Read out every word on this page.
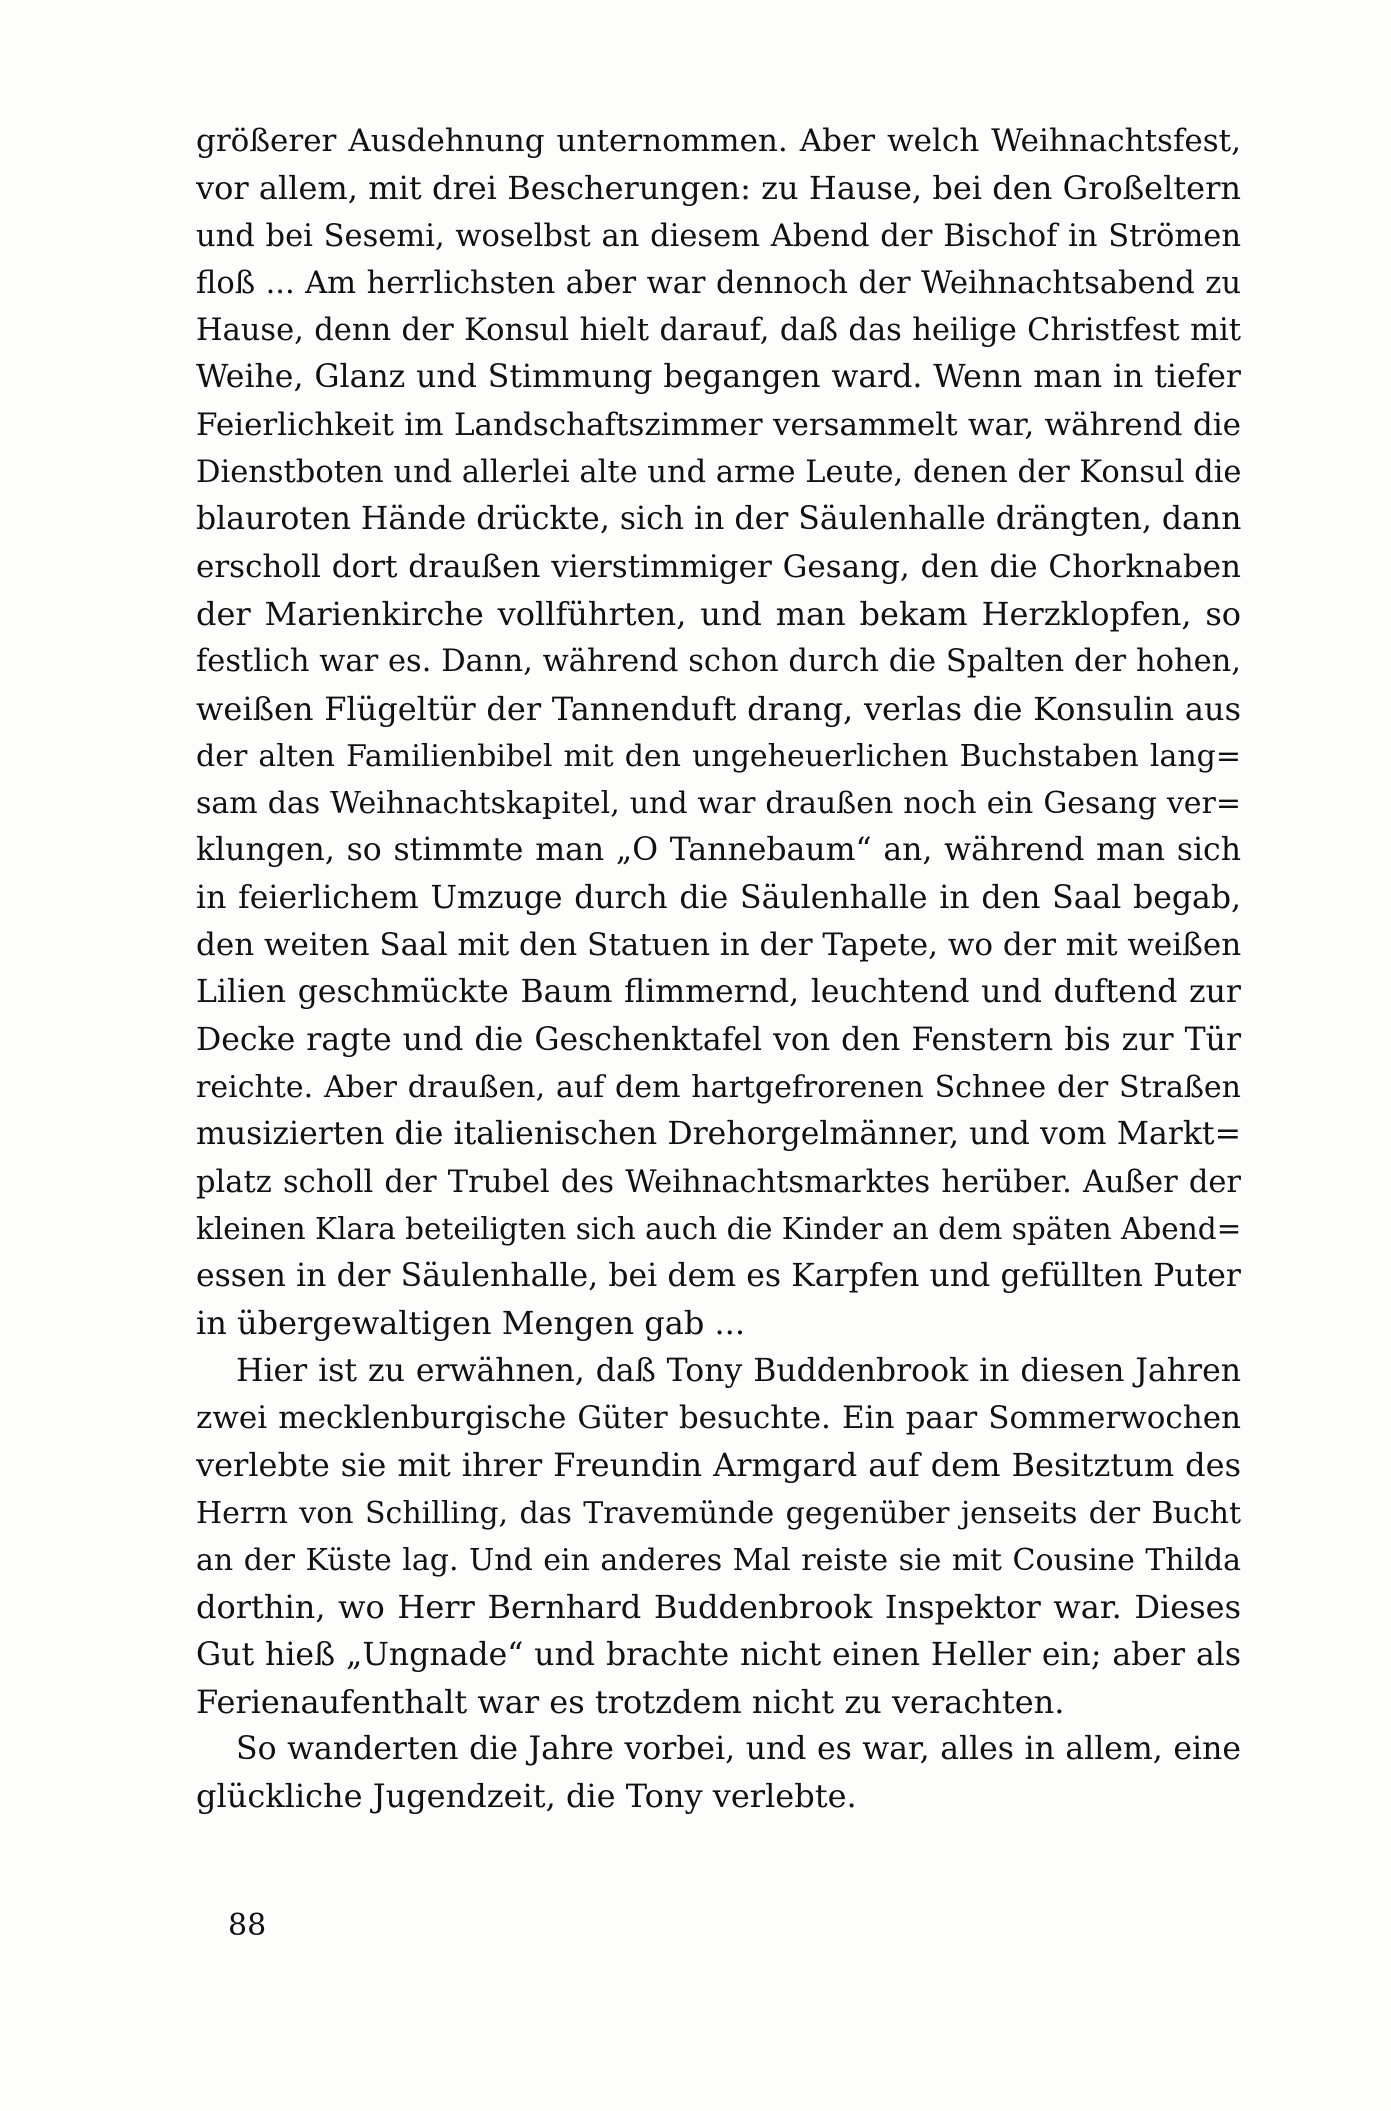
größerer Ausdehnung unternommen. Aber welch Weihnachtsfest,
vor allem, mit drei Bescherungen: zu Hause, bei den Großeltern
und bei Sesemi, woselbst an diesem Abend der Bischof in Strömen
floß ... Am herrlichsten aber war dennoch der Weihnachtsabend zu
Hause, denn der Konsul hielt darauf, daß das heilige Christfest mit
Weihe, Glanz und Stimmung begangen ward. Wenn man in tiefer
Feierlichkeit im Landschaftszimmer versammelt war, während die
Dienstboten und allerlei alte und arme Leute, denen der Konsul die
blauroten Hände drückte, sich in der Säulenhalle drängten, dann
erscholl dort draußen vierstimmiger Gesang, den die Chorknaben
der Marienkirche vollführten, und man bekam Herzklopfen, so
festlich war es. Dann, während schon durch die Spalten der hohen,
weißen Flügeltür der Tannenduft drang, verlas die Konsulin aus
der alten Familienbibel mit den ungeheuerlichen Buchstaben lang=
sam das Weihnachtskapitel, und war draußen noch ein Gesang ver=
klungen, so stimmte man „O Tannebaum“ an, während man sich
in feierlichem Umzuge durch die Säulenhalle in den Saal begab,
den weiten Saal mit den Statuen in der Tapete, wo der mit weißen
Lilien geschmückte Baum flimmernd, leuchtend und duftend zur
Decke ragte und die Geschenktafel von den Fenstern bis zur Tür
reichte. Aber draußen, auf dem hartgefrorenen Schnee der Straßen
musizierten die italienischen Drehorgelmänner, und vom Markt=
platz scholl der Trubel des Weihnachtsmarktes herüber. Außer der
kleinen Klara beteiligten sich auch die Kinder an dem späten Abend=
essen in der Säulenhalle, bei dem es Karpfen und gefüllten Puter
in übergewaltigen Mengen gab ...
Hier ist zu erwähnen, daß Tony Buddenbrook in diesen Jahren
zwei mecklenburgische Güter besuchte. Ein paar Sommerwochen
verlebte sie mit ihrer Freundin Armgard auf dem Besitztum des
Herrn von Schilling, das Travemünde gegenüber jenseits der Bucht
an der Küste lag. Und ein anderes Mal reiste sie mit Cousine Thilda
dorthin, wo Herr Bernhard Buddenbrook Inspektor war. Dieses
Gut hieß „Ungnade“ und brachte nicht einen Heller ein; aber als
Ferienaufenthalt war es trotzdem nicht zu verachten.
So wanderten die Jahre vorbei, und es war, alles in allem, eine
glückliche Jugendzeit, die Tony verlebte.
88
